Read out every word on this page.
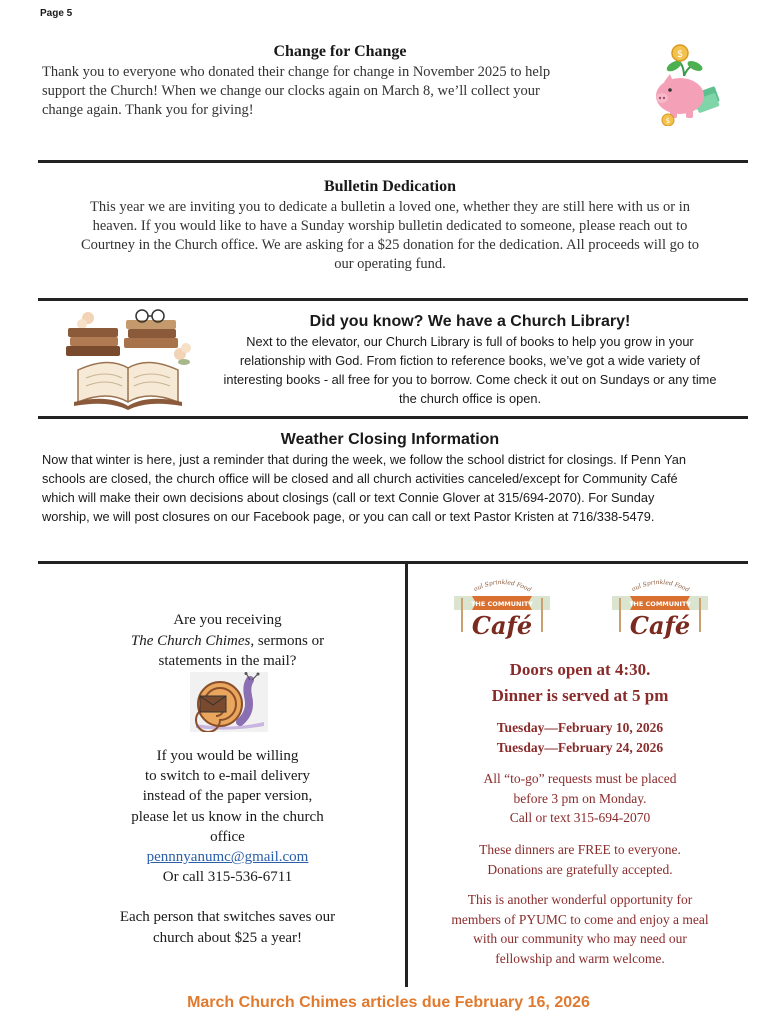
Page 5
Change for Change
Thank you to everyone who donated their change for change in November 2025 to help
support the Church! When we change our clocks again on March 8, we’ll collect your
change again. Thank you for giving!
$
$
Bulletin Dedication
This year we are inviting you to dedicate a bulletin a loved one, whether they are still here with us or in
heaven. If you would like to have a Sunday worship bulletin dedicated to someone, please reach out to
Courtney in the Church office. We are asking for a $25 donation for the dedication. All proceeds will go to
our operating fund.
Did you know? We have a Church Library!
Next to the elevator, our Church Library is full of books to help you grow in your
relationship with God. From fiction to reference books, we’ve got a wide variety of
interesting books - all free for you to borrow. Come check it out on Sundays or any time
the church office is open.
Weather Closing Information
Now that winter is here, just a reminder that during the week, we follow the school district for closings. If Penn Yan
schools are closed, the church office will be closed and all church activities canceled/except for Community Café
which will make their own decisions about closings (call or text Connie Glover at 315/694-2070). For Sunday
worship, we will post closures on our Facebook page, or you can call or text Pastor Kristen at 716/338-5479.
Are you receiving
The Church Chimes, sermons or
statements in the mail?
If you would be willing
to switch to e-mail delivery
instead of the paper version,
please let us know in the church
office
pennnyanumc@gmail.com
Or call 315-536-6711
Each person that switches saves our
church about $25 a year!
oul Sprinkled Food
THE COMMUNITY
Café
oul Sprinkled Food
THE COMMUNITY
Café
Doors open at 4:30.
Dinner is served at 5 pm
Tuesday—February 10, 2026
Tuesday—February 24, 2026
All “to-go” requests must be placed
before 3 pm on Monday.
Call or text 315-694-2070
These dinners are FREE to everyone.
Donations are gratefully accepted.
This is another wonderful opportunity for
members of PYUMC to come and enjoy a meal
with our community who may need our
fellowship and warm welcome.
March Church Chimes articles due February 16, 2026
